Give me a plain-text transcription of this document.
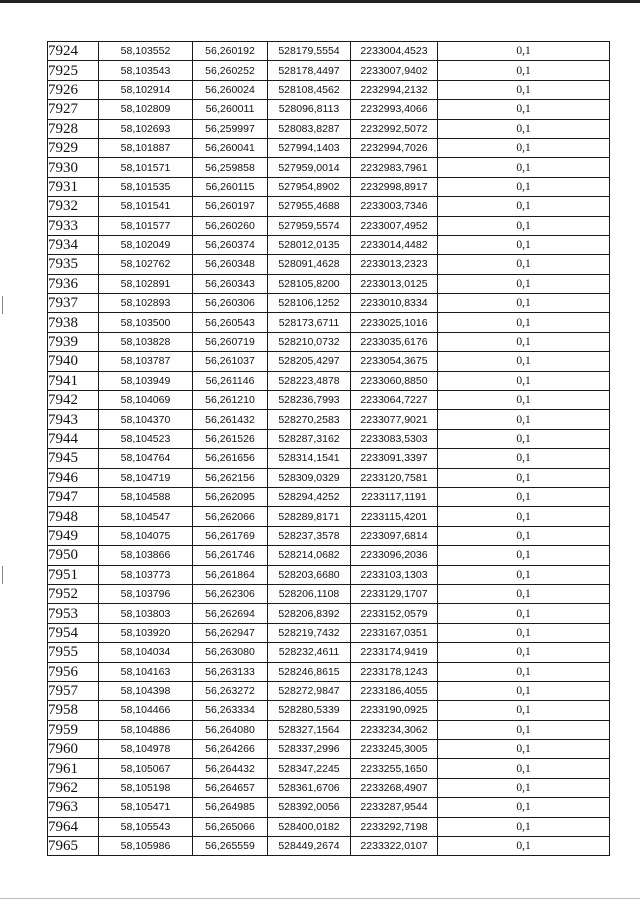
7924	58,103552	56,260192	528179,5554	2233004,4523	0,1
7925	58,103543	56,260252	528178,4497	2233007,9402	0,1
7926	58,102914	56,260024	528108,4562	2232994,2132	0,1
7927	58,102809	56,260011	528096,8113	2232993,4066	0,1
7928	58,102693	56,259997	528083,8287	2232992,5072	0,1
7929	58,101887	56,260041	527994,1403	2232994,7026	0,1
7930	58,101571	56,259858	527959,0014	2232983,7961	0,1
7931	58,101535	56,260115	527954,8902	2232998,8917	0,1
7932	58,101541	56,260197	527955,4688	2233003,7346	0,1
7933	58,101577	56,260260	527959,5574	2233007,4952	0,1
7934	58,102049	56,260374	528012,0135	2233014,4482	0,1
7935	58,102762	56,260348	528091,4628	2233013,2323	0,1
7936	58,102891	56,260343	528105,8200	2233013,0125	0,1
7937	58,102893	56,260306	528106,1252	2233010,8334	0,1
7938	58,103500	56,260543	528173,6711	2233025,1016	0,1
7939	58,103828	56,260719	528210,0732	2233035,6176	0,1
7940	58,103787	56,261037	528205,4297	2233054,3675	0,1
7941	58,103949	56,261146	528223,4878	2233060,8850	0,1
7942	58,104069	56,261210	528236,7993	2233064,7227	0,1
7943	58,104370	56,261432	528270,2583	2233077,9021	0,1
7944	58,104523	56,261526	528287,3162	2233083,5303	0,1
7945	58,104764	56,261656	528314,1541	2233091,3397	0,1
7946	58,104719	56,262156	528309,0329	2233120,7581	0,1
7947	58,104588	56,262095	528294,4252	2233117,1191	0,1
7948	58,104547	56,262066	528289,8171	2233115,4201	0,1
7949	58,104075	56,261769	528237,3578	2233097,6814	0,1
7950	58,103866	56,261746	528214,0682	2233096,2036	0,1
7951	58,103773	56,261864	528203,6680	2233103,1303	0,1
7952	58,103796	56,262306	528206,1108	2233129,1707	0,1
7953	58,103803	56,262694	528206,8392	2233152,0579	0,1
7954	58,103920	56,262947	528219,7432	2233167,0351	0,1
7955	58,104034	56,263080	528232,4611	2233174,9419	0,1
7956	58,104163	56,263133	528246,8615	2233178,1243	0,1
7957	58,104398	56,263272	528272,9847	2233186,4055	0,1
7958	58,104466	56,263334	528280,5339	2233190,0925	0,1
7959	58,104886	56,264080	528327,1564	2233234,3062	0,1
7960	58,104978	56,264266	528337,2996	2233245,3005	0,1
7961	58,105067	56,264432	528347,2245	2233255,1650	0,1
7962	58,105198	56,264657	528361,6706	2233268,4907	0,1
7963	58,105471	56,264985	528392,0056	2233287,9544	0,1
7964	58,105543	56,265066	528400,0182	2233292,7198	0,1
7965	58,105986	56,265559	528449,2674	2233322,0107	0,1
